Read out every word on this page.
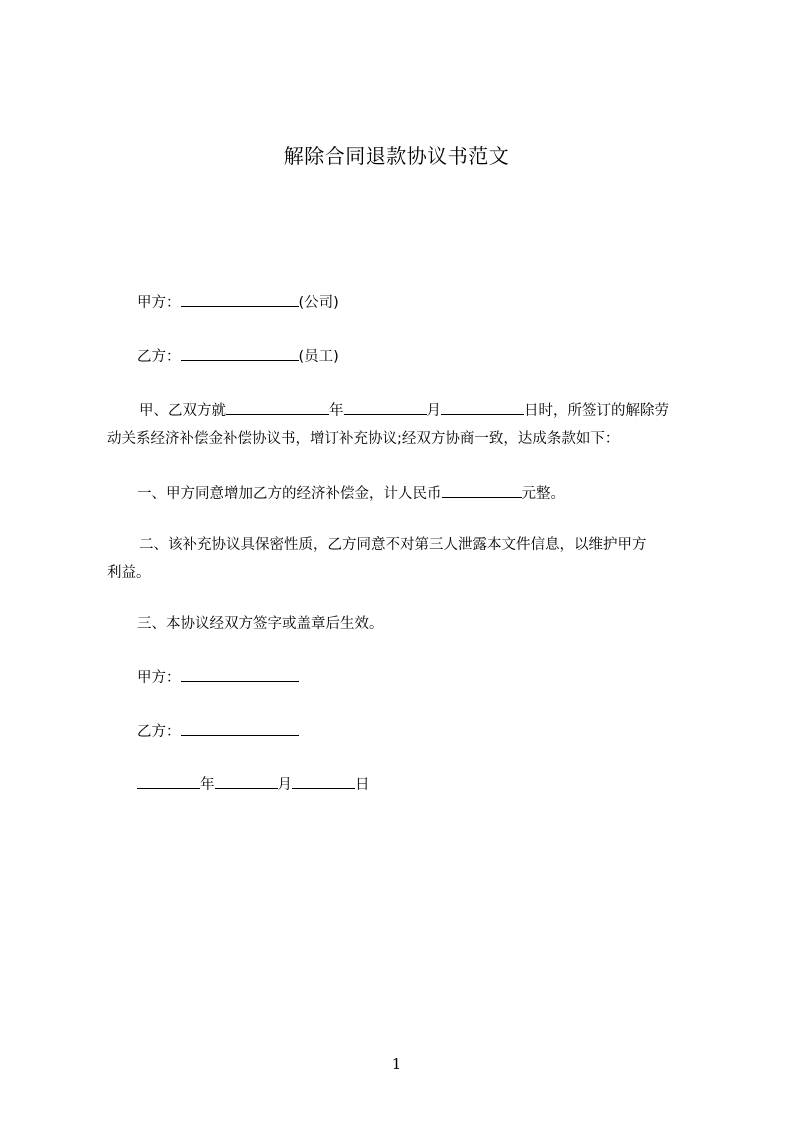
解除合同退款协议书范文
甲方：	(公司)
乙方：	(员工)
甲、乙双方就	年	月	日时，所签订的解除劳
动关系经济补偿金补偿协议书，增订补充协议;经双方协商一致，达成条款如下：
一、甲方同意增加乙方的经济补偿金，计人民币	元整。
二、该补充协议具保密性质，乙方同意不对第三人泄露本文件信息，以维护甲方
利益。
三、本协议经双方签字或盖章后生效。
甲方：
乙方：
年	月	日
1
